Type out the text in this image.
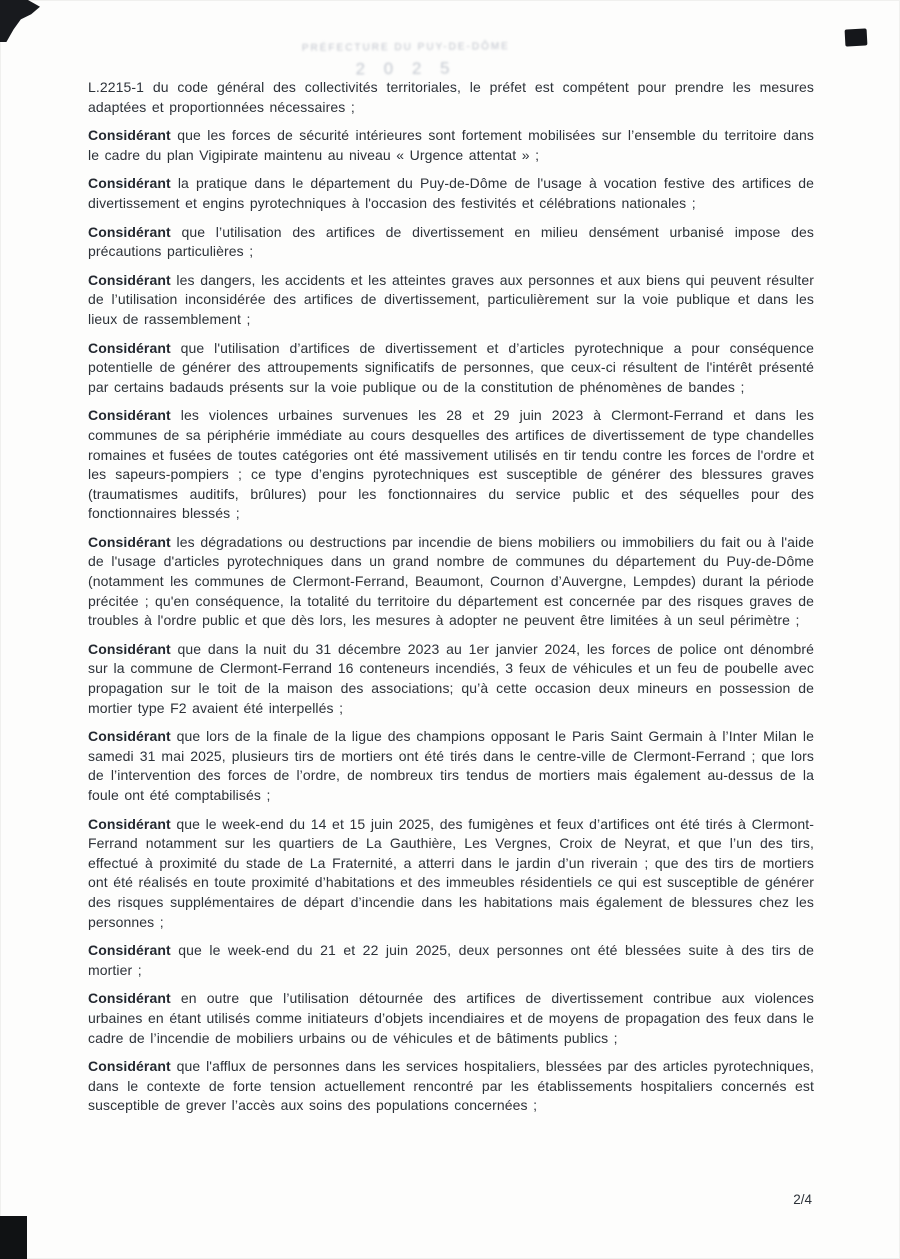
PRÉFECTURE DU PUY-DE-DÔME
2 0 2 5

L.2215-1 du code général des collectivités territoriales, le préfet est compétent pour prendre les mesures adaptées et proportionnées nécessaires ;

Considérant que les forces de sécurité intérieures sont fortement mobilisées sur l’ensemble du territoire dans le cadre du plan Vigipirate maintenu au niveau « Urgence attentat » ;

Considérant la pratique dans le département du Puy-de-Dôme de l'usage à vocation festive des artifices de divertissement et engins pyrotechniques à l'occasion des festivités et célébrations nationales ;

Considérant que l’utilisation des artifices de divertissement en milieu densément urbanisé impose des précautions particulières ;

Considérant les dangers, les accidents et les atteintes graves aux personnes et aux biens qui peuvent résulter de l’utilisation inconsidérée des artifices de divertissement, particulièrement sur la voie publique et dans les lieux de rassemblement ;

Considérant que l'utilisation d’artifices de divertissement et d’articles pyrotechnique a pour conséquence potentielle de générer des attroupements significatifs de personnes, que ceux-ci résultent de l'intérêt présenté par certains badauds présents sur la voie publique ou de la constitution de phénomènes de bandes ;

Considérant les violences urbaines survenues les 28 et 29 juin 2023 à Clermont-Ferrand et dans les communes de sa périphérie immédiate au cours desquelles des artifices de divertissement de type chandelles romaines et fusées de toutes catégories ont été massivement utilisés en tir tendu contre les forces de l'ordre et les sapeurs-pompiers ; ce type d’engins pyrotechniques est susceptible de générer des blessures graves (traumatismes auditifs, brûlures) pour les fonctionnaires du service public et des séquelles pour des fonctionnaires blessés ;

Considérant les dégradations ou destructions par incendie de biens mobiliers ou immobiliers du fait ou à l'aide de l'usage d'articles pyrotechniques dans un grand nombre de communes du département du Puy-de-Dôme (notamment les communes de Clermont-Ferrand, Beaumont, Cournon d’Auvergne, Lempdes) durant la période précitée ; qu'en conséquence, la totalité du territoire du département est concernée par des risques graves de troubles à l'ordre public et que dès lors, les mesures à adopter ne peuvent être limitées à un seul périmètre ;

Considérant que dans la nuit du 31 décembre 2023 au 1er janvier 2024, les forces de police ont dénombré sur la commune de Clermont-Ferrand 16 conteneurs incendiés, 3 feux de véhicules et un feu de poubelle avec propagation sur le toit de la maison des associations; qu’à cette occasion deux mineurs en possession de mortier type F2 avaient été interpellés ;

Considérant que lors de la finale de la ligue des champions opposant le Paris Saint Germain à l’Inter Milan le samedi 31 mai 2025, plusieurs tirs de mortiers ont été tirés dans le centre-ville de Clermont-Ferrand ; que lors de l’intervention des forces de l’ordre, de nombreux tirs tendus de mortiers mais également au-dessus de la foule ont été comptabilisés ;

Considérant que le week-end du 14 et 15 juin 2025, des fumigènes et feux d’artifices ont été tirés à Clermont-Ferrand notamment sur les quartiers de La Gauthière, Les Vergnes, Croix de Neyrat, et que l’un des tirs, effectué à proximité du stade de La Fraternité, a atterri dans le jardin d’un riverain ; que des tirs de mortiers ont été réalisés en toute proximité d’habitations et des immeubles résidentiels ce qui est susceptible de générer des risques supplémentaires de départ d’incendie dans les habitations mais également de blessures chez les personnes ;

Considérant que le week-end du 21 et 22 juin 2025, deux personnes ont été blessées suite à des tirs de mortier ;

Considérant en outre que l’utilisation détournée des artifices de divertissement contribue aux violences urbaines en étant utilisés comme initiateurs d’objets incendiaires et de moyens de propagation des feux dans le cadre de l’incendie de mobiliers urbains ou de véhicules et de bâtiments publics ;

Considérant que l'afflux de personnes dans les services hospitaliers, blessées par des articles pyrotechniques, dans le contexte de forte tension actuellement rencontré par les établissements hospitaliers concernés est susceptible de grever l’accès aux soins des populations concernées ;

2/4
